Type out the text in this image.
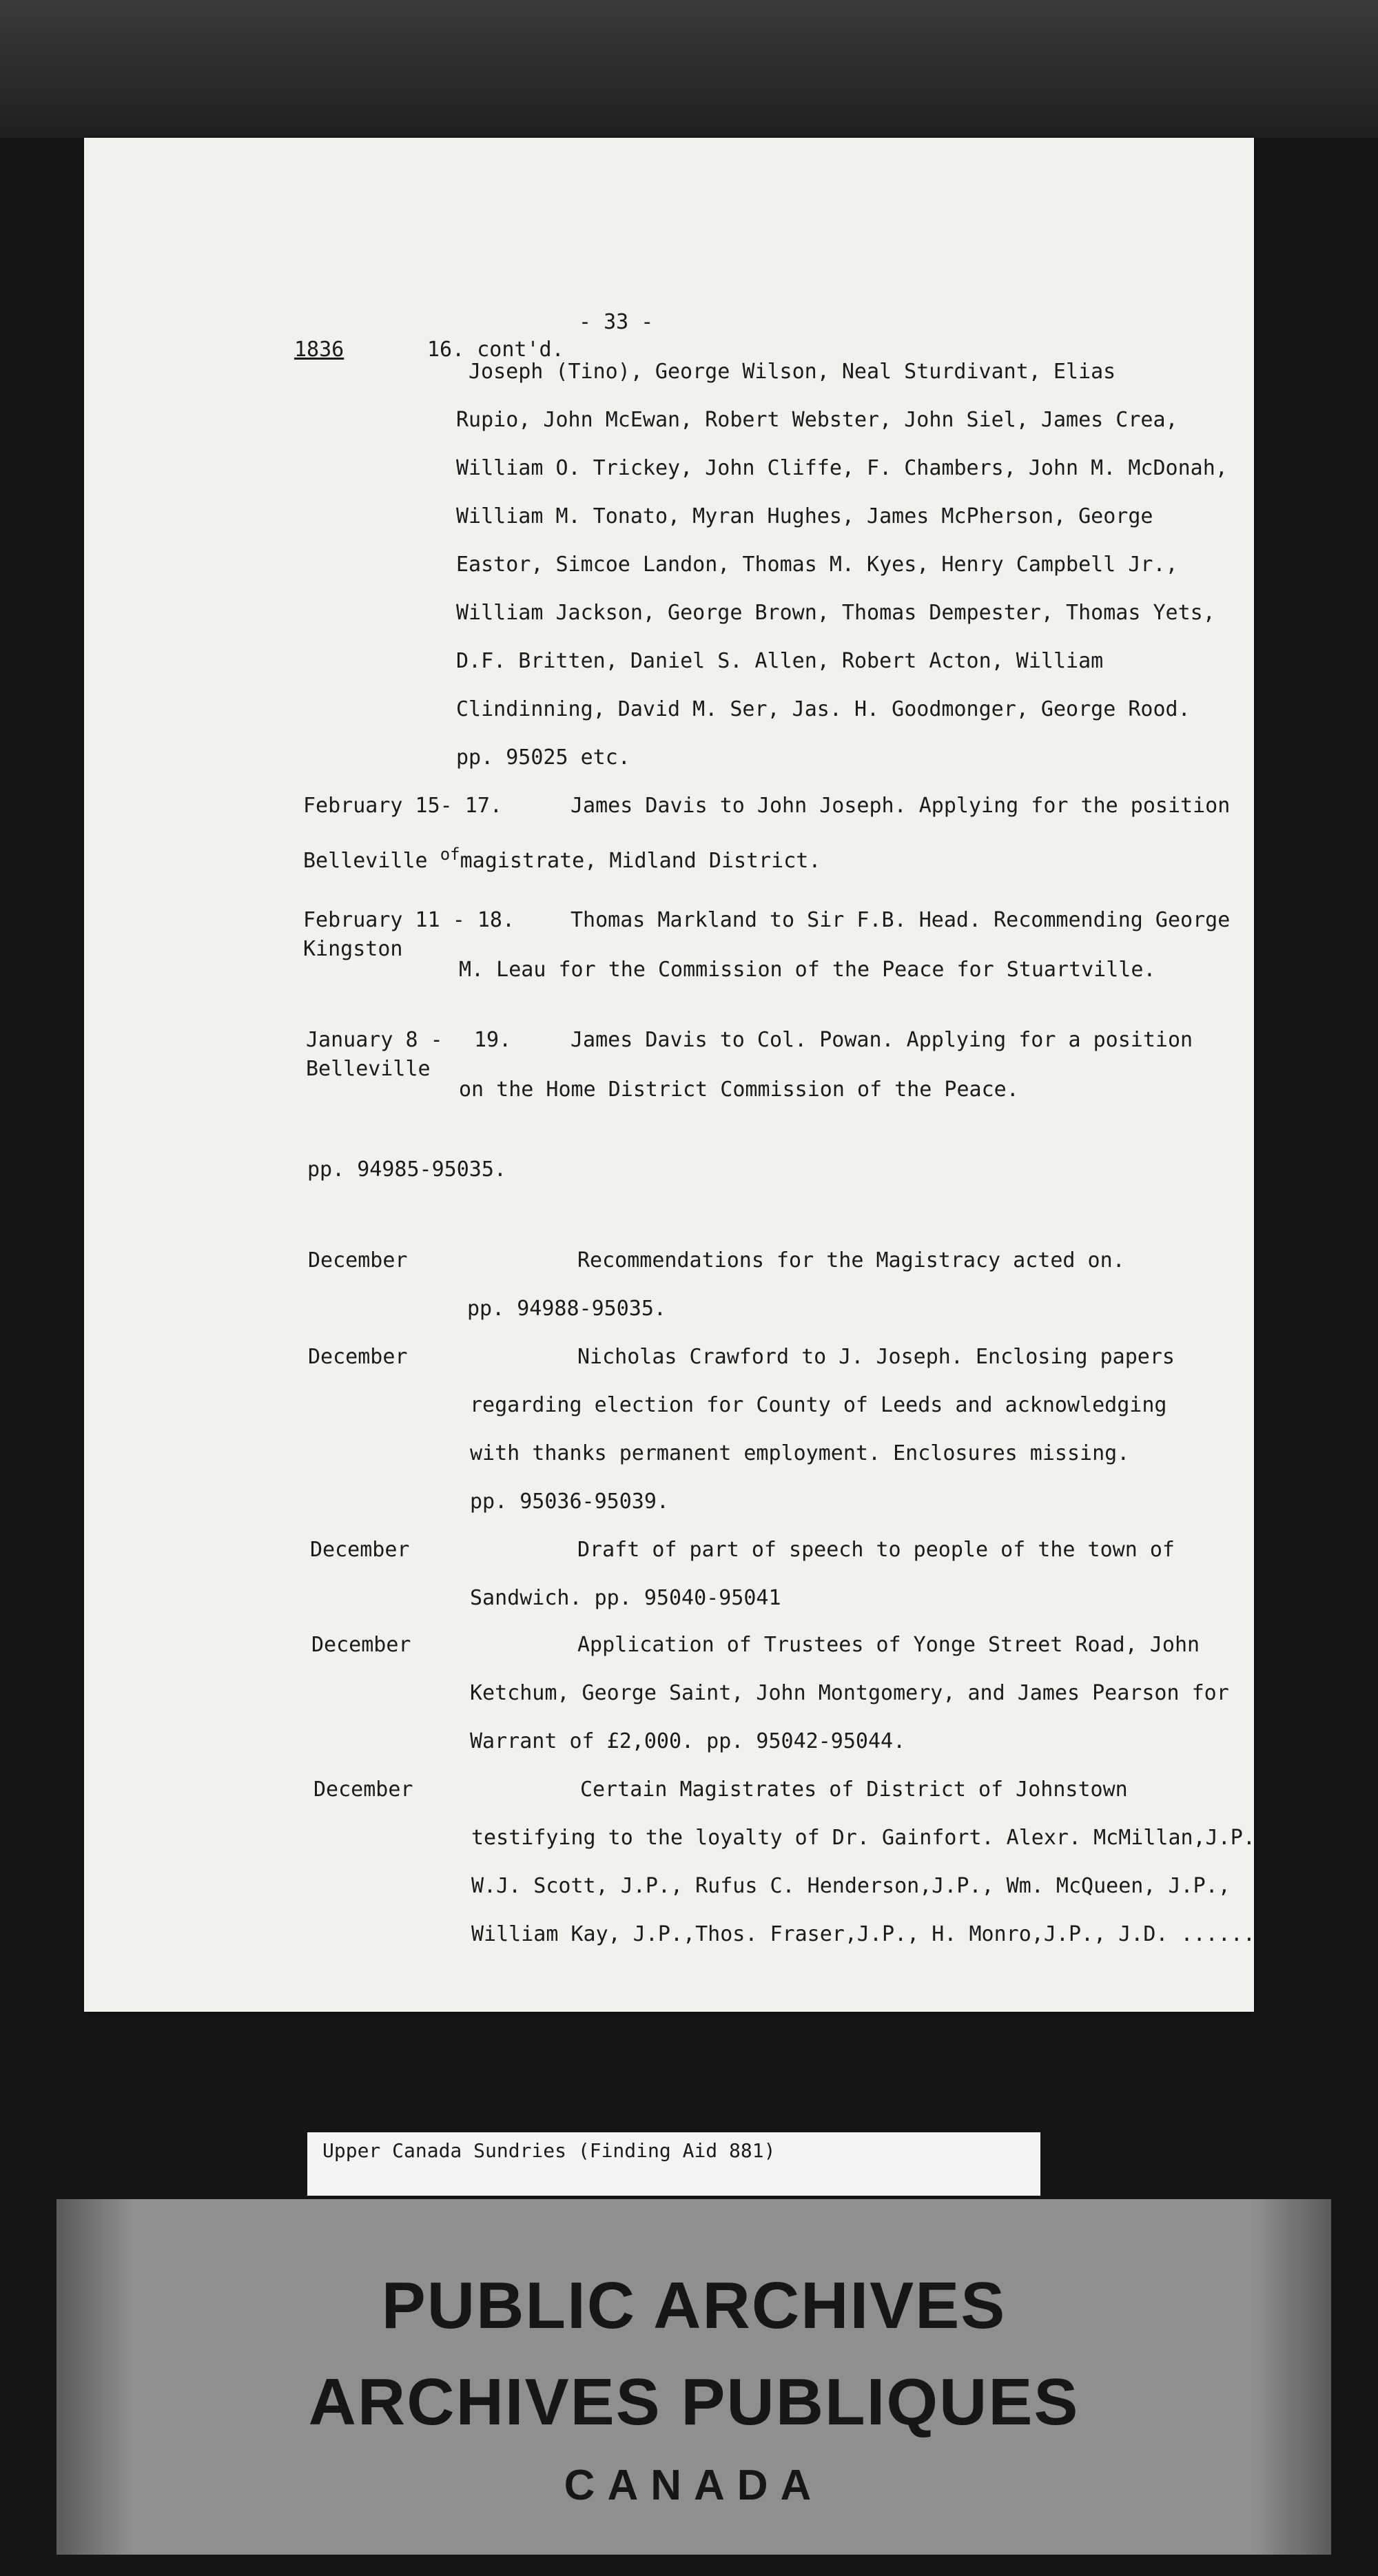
- 33 -
1836	16. cont'd.
Joseph (Tino), George Wilson, Neal Sturdivant, Elias
Rupio, John McEwan, Robert Webster, John Siel, James Crea,
William O. Trickey, John Cliffe, F. Chambers, John M. McDonah,
William M. Tonato, Myran Hughes, James McPherson, George
Eastor, Simcoe Landon, Thomas M. Kyes, Henry Campbell Jr.,
William Jackson, George Brown, Thomas Dempester, Thomas Yets,
D.F. Britten, Daniel S. Allen, Robert Acton, William
Clindinning, David M. Ser, Jas. H. Goodmonger, George Rood.
pp. 95025 etc.
February 15- 17.	James Davis to John Joseph. Applying for the position
Belleville $^{of}$magistrate, Midland District.
February 11 - 18.	Thomas Markland to Sir F.B. Head. Recommending George
Kingston
M. Leau for the Commission of the Peace for Stuartville.
January 8 - 19.	James Davis to Col. Powan. Applying for a position
Belleville
on the Home District Commission of the Peace.
pp. 94985-95035.
December	Recommendations for the Magistracy acted on.
pp. 94988-95035.
December	Nicholas Crawford to J. Joseph. Enclosing papers
regarding election for County of Leeds and acknowledging
with thanks permanent employment. Enclosures missing.
pp. 95036-95039.
December	Draft of part of speech to people of the town of
Sandwich. pp. 95040-95041
December	Application of Trustees of Yonge Street Road, John
Ketchum, George Saint, John Montgomery, and James Pearson for
Warrant of £2,000. pp. 95042-95044.
December	Certain Magistrates of District of Johnstown
testifying to the loyalty of Dr. Gainfort. Alexr. McMillan,J.P.
W.J. Scott, J.P., Rufus C. Henderson,J.P., Wm. McQueen, J.P.,
William Kay, J.P.,Thos. Fraser,J.P., H. Monro,J.P., J.D. ......
Upper Canada Sundries (Finding Aid 881)
PUBLIC ARCHIVES
ARCHIVES PUBLIQUES
CANADA
